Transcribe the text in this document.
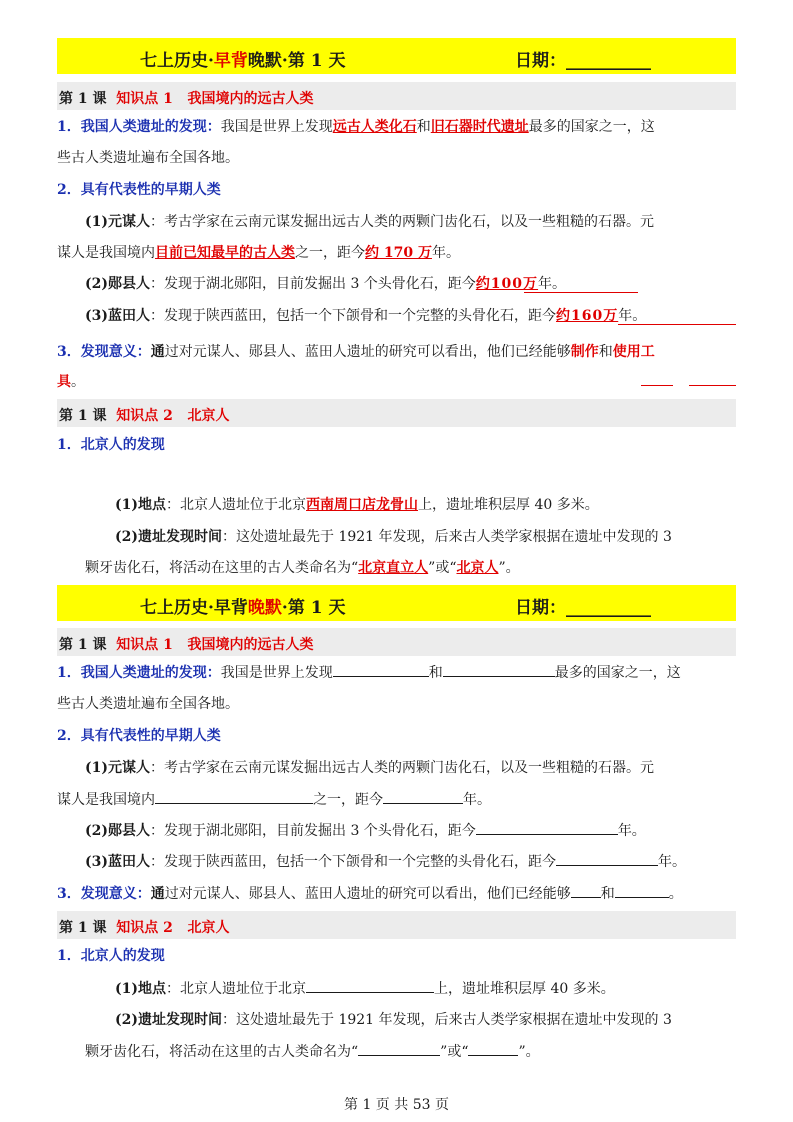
七上历史·早背晚默·第 1 天	日期：__________
第 1 课 知识点 1 我国境内的远古人类
1．我国人类遗址的发现：我国是世界上发现远古人类化石和旧石器时代遗址最多的国家之一，这
些古人类遗址遍布全国各地。
2．具有代表性的早期人类
(1)元谋人：考古学家在云南元谋发掘出远古人类的两颗门齿化石，以及一些粗糙的石器。元
谋人是我国境内目前已知最早的古人类之一，距今约 170 万年。
(2)郧县人：发现于湖北郧阳，目前发掘出 3 个头骨化石，距今约100万年。
(3)蓝田人：发现于陕西蓝田，包括一个下颌骨和一个完整的头骨化石，距今约160万年。
3．发现意义：通过对元谋人、郧县人、蓝田人遗址的研究可以看出，他们已经能够制作和使用工
具。
第 1 课 知识点 2 北京人
1．北京人的发现
(1)地点：北京人遗址位于北京西南周口店龙骨山上，遗址堆积层厚 40 多米。
(2)遗址发现时间：这处遗址最先于 1921 年发现，后来古人类学家根据在遗址中发现的 3
颗牙齿化石，将活动在这里的古人类命名为“北京直立人”或“北京人”。
七上历史·早背晚默·第 1 天	日期：__________
第 1 课 知识点 1 我国境内的远古人类
1．我国人类遗址的发现：我国是世界上发现	和	最多的国家之一，这
些古人类遗址遍布全国各地。
2．具有代表性的早期人类
(1)元谋人：考古学家在云南元谋发掘出远古人类的两颗门齿化石，以及一些粗糙的石器。元
谋人是我国境内	之一，距今	年。
(2)郧县人：发现于湖北郧阳，目前发掘出 3 个头骨化石，距今	年。
(3)蓝田人：发现于陕西蓝田，包括一个下颌骨和一个完整的头骨化石，距今	年。
3．发现意义：通过对元谋人、郧县人、蓝田人遗址的研究可以看出，他们已经能够 和	。
第 1 课 知识点 2 北京人
1．北京人的发现
(1)地点：北京人遗址位于北京	上，遗址堆积层厚 40 多米。
(2)遗址发现时间：这处遗址最先于 1921 年发现，后来古人类学家根据在遗址中发现的 3
颗牙齿化石，将活动在这里的古人类命名为“	”或“	”。
第 1 页 共 53 页
